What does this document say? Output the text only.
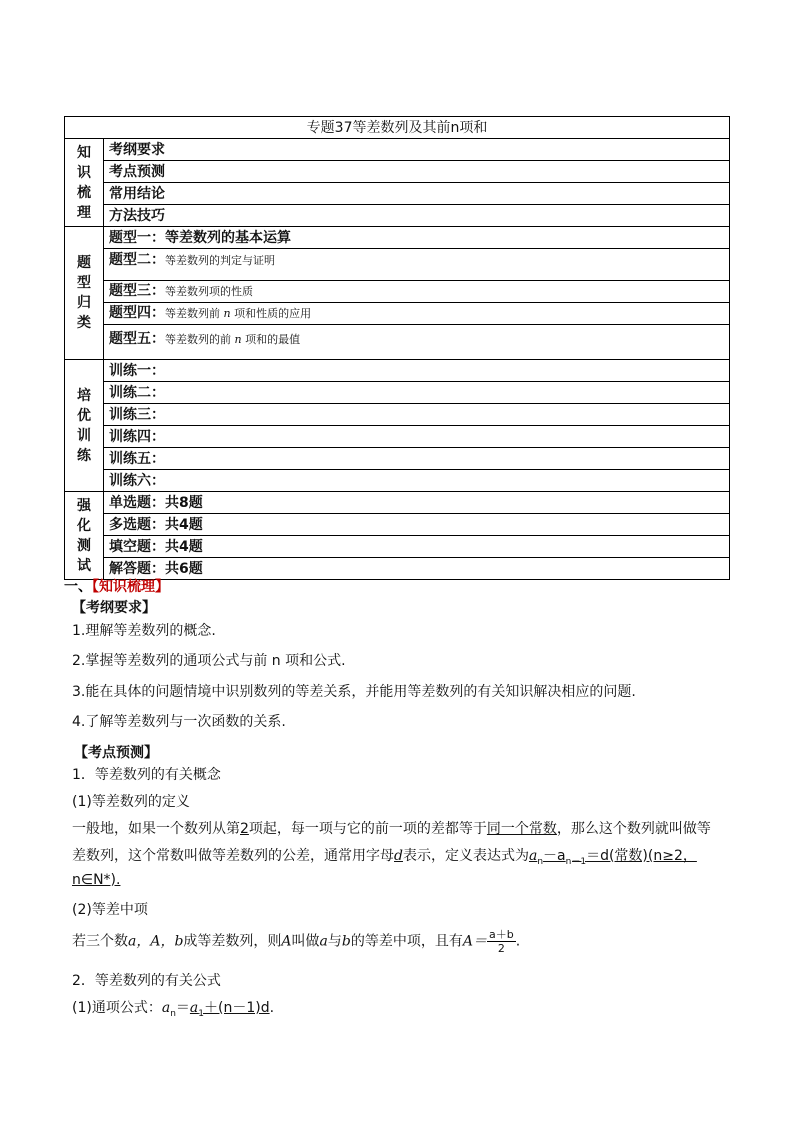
专题37等差数列及其前n项和	

知
识
梳
理	考纲要求
	考点预测
	常用结论
	方法技巧

题
型
归
类	题型一：等差数列的基本运算
	题型二：等差数列的判定与证明
	题型三：等差数列项的性质
	题型四：等差数列前 n 项和性质的应用
	题型五：等差数列的前 n 项和的最值

培
优
训
练	训练一：
	训练二：
	训练三：
	训练四：
	训练五：
	训练六：

强
化
测
试	单选题：共8题
	多选题：共4题
	填空题：共4题
	解答题：共6题
一、【知识梳理】
【考纲要求】
1.理解等差数列的概念.
2.掌握等差数列的通项公式与前 n 项和公式.
3.能在具体的问题情境中识别数列的等差关系，并能用等差数列的有关知识解决相应的问题.
4.了解等差数列与一次函数的关系.
【考点预测】
1．等差数列的有关概念
(1)等差数列的定义
一般地，如果一个数列从第2项起，每一项与它的前一项的差都等于同一个常数，那么这个数列就叫做等
差数列，这个常数叫做等差数列的公差，通常用字母d表示，定义表达式为$a_n-a_{n-1}=d$(常数)(n≥2，
n∈N*).
(2)等差中项
若三个数a，A，b成等差数列，则A叫做a与b的等差中项，且有$A= \frac{a+b}{2}$ .
2．等差数列的有关公式
(1)通项公式：$a_n=a_1+(n-1)d$.
